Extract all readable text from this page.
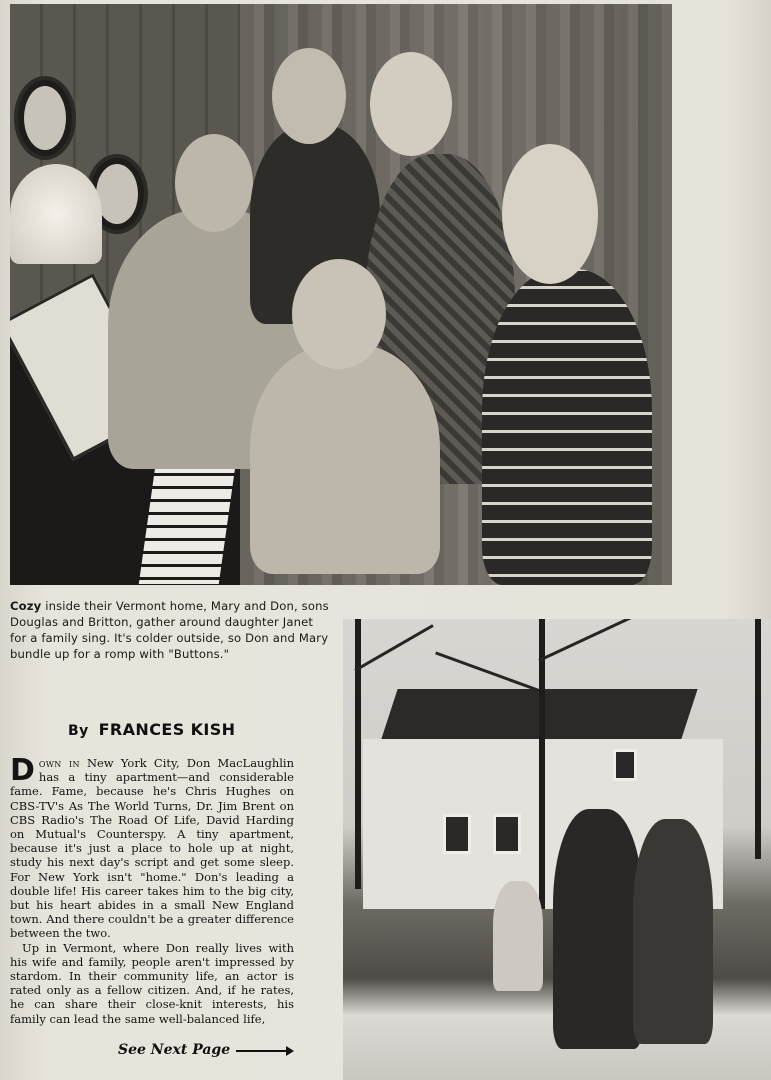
Cozy inside their Vermont home, Mary and Don, sons Douglas and Britton, gather around daughter Janet for a family sing. It's colder outside, so Don and Mary bundle up for a romp with "Buttons."
By FRANCES KISH

Down in New York City, Don MacLaughlin has a tiny apartment—and considerable fame. Fame, because he's Chris Hughes on CBS-TV's As The World Turns, Dr. Jim Brent on CBS Radio's The Road Of Life, David Harding on Mutual's Counterspy. A tiny apartment, because it's just a place to hole up at night, study his next day's script and get some sleep. For New York isn't "home." Don's leading a double life! His career takes him to the big city, but his heart abides in a small New England town. And there couldn't be a greater difference between the two.

Up in Vermont, where Don really lives with his wife and family, people aren't impressed by stardom. In their community life, an actor is rated only as a fellow citizen. And, if he rates, he can share their close-knit interests, his family can lead the same well-balanced life,

See Next Page
